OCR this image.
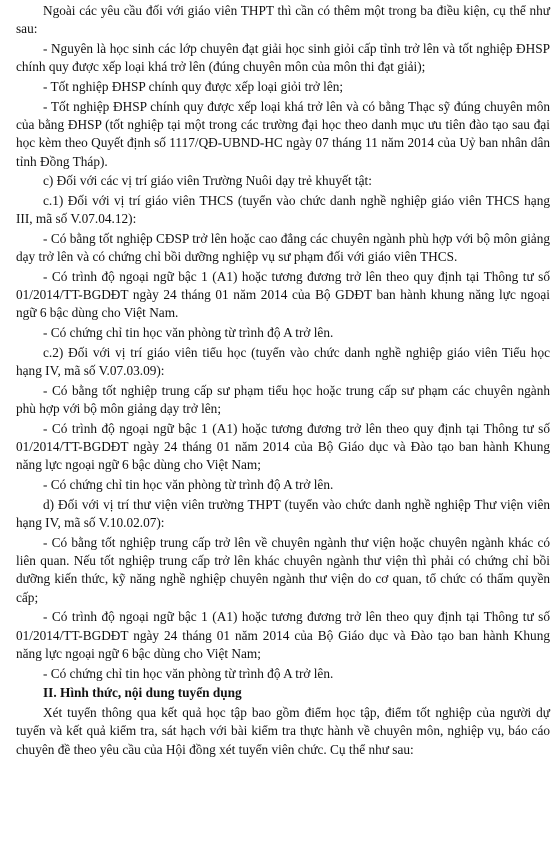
Ngoài các yêu cầu đối với giáo viên THPT thì cần có thêm một trong ba điều kiện, cụ thể như sau:

- Nguyên là học sinh các lớp chuyên đạt giải học sinh giỏi cấp tỉnh trở lên và tốt nghiệp ĐHSP chính quy được xếp loại khá trở lên (đúng chuyên môn của môn thi đạt giải);

- Tốt nghiệp ĐHSP chính quy được xếp loại giỏi trở lên;

- Tốt nghiệp ĐHSP chính quy được xếp loại khá trở lên và có bằng Thạc sỹ đúng chuyên môn của bằng ĐHSP (tốt nghiệp tại một trong các trường đại học theo danh mục ưu tiên đào tạo sau đại học kèm theo Quyết định số 1117/QĐ-UBND-HC ngày 07 tháng 11 năm 2014 của Uỷ ban nhân dân tỉnh Đồng Tháp).

c) Đối với các vị trí giáo viên Trường Nuôi dạy trẻ khuyết tật:

c.1) Đối với vị trí giáo viên THCS (tuyển vào chức danh nghề nghiệp giáo viên THCS hạng III, mã số V.07.04.12):

- Có bằng tốt nghiệp CĐSP trở lên hoặc cao đẳng các chuyên ngành phù hợp với bộ môn giảng dạy trở lên và có chứng chỉ bồi dưỡng nghiệp vụ sư phạm đối với giáo viên THCS.

- Có trình độ ngoại ngữ bậc 1 (A1) hoặc tương đương trở lên theo quy định tại Thông tư số 01/2014/TT-BGDĐT ngày 24 tháng 01 năm 2014 của Bộ GDĐT ban hành khung năng lực ngoại ngữ 6 bậc dùng cho Việt Nam.

- Có chứng chỉ tin học văn phòng từ trình độ A trở lên.

c.2) Đối với vị trí giáo viên tiểu học (tuyển vào chức danh nghề nghiệp giáo viên Tiểu học hạng IV, mã số V.07.03.09):

- Có bằng tốt nghiệp trung cấp sư phạm tiểu học hoặc trung cấp sư phạm các chuyên ngành phù hợp với bộ môn giảng dạy trở lên;

- Có trình độ ngoại ngữ bậc 1 (A1) hoặc tương đương trở lên theo quy định tại Thông tư số 01/2014/TT-BGDĐT ngày 24 tháng 01 năm 2014 của Bộ Giáo dục và Đào tạo ban hành Khung năng lực ngoại ngữ 6 bậc dùng cho Việt Nam;

- Có chứng chỉ tin học văn phòng từ trình độ A trở lên.

d) Đối với vị trí thư viện viên trường THPT (tuyển vào chức danh nghề nghiệp Thư viện viên hạng IV, mã số V.10.02.07):

- Có bằng tốt nghiệp trung cấp trở lên về chuyên ngành thư viện hoặc chuyên ngành khác có liên quan. Nếu tốt nghiệp trung cấp trở lên khác chuyên ngành thư viện thì phải có chứng chỉ bồi dưỡng kiến thức, kỹ năng nghề nghiệp chuyên ngành thư viện do cơ quan, tổ chức có thẩm quyền cấp;

- Có trình độ ngoại ngữ bậc 1 (A1) hoặc tương đương trở lên theo quy định tại Thông tư số 01/2014/TT-BGDĐT ngày 24 tháng 01 năm 2014 của Bộ Giáo dục và Đào tạo ban hành Khung năng lực ngoại ngữ 6 bậc dùng cho Việt Nam;

- Có chứng chỉ tin học văn phòng từ trình độ A trở lên.

II. Hình thức, nội dung tuyển dụng

Xét tuyển thông qua kết quả học tập bao gồm điểm học tập, điểm tốt nghiệp của người dự tuyển và kết quả kiểm tra, sát hạch với bài kiểm tra thực hành về chuyên môn, nghiệp vụ, báo cáo chuyên đề theo yêu cầu của Hội đồng xét tuyển viên chức. Cụ thể như sau:
